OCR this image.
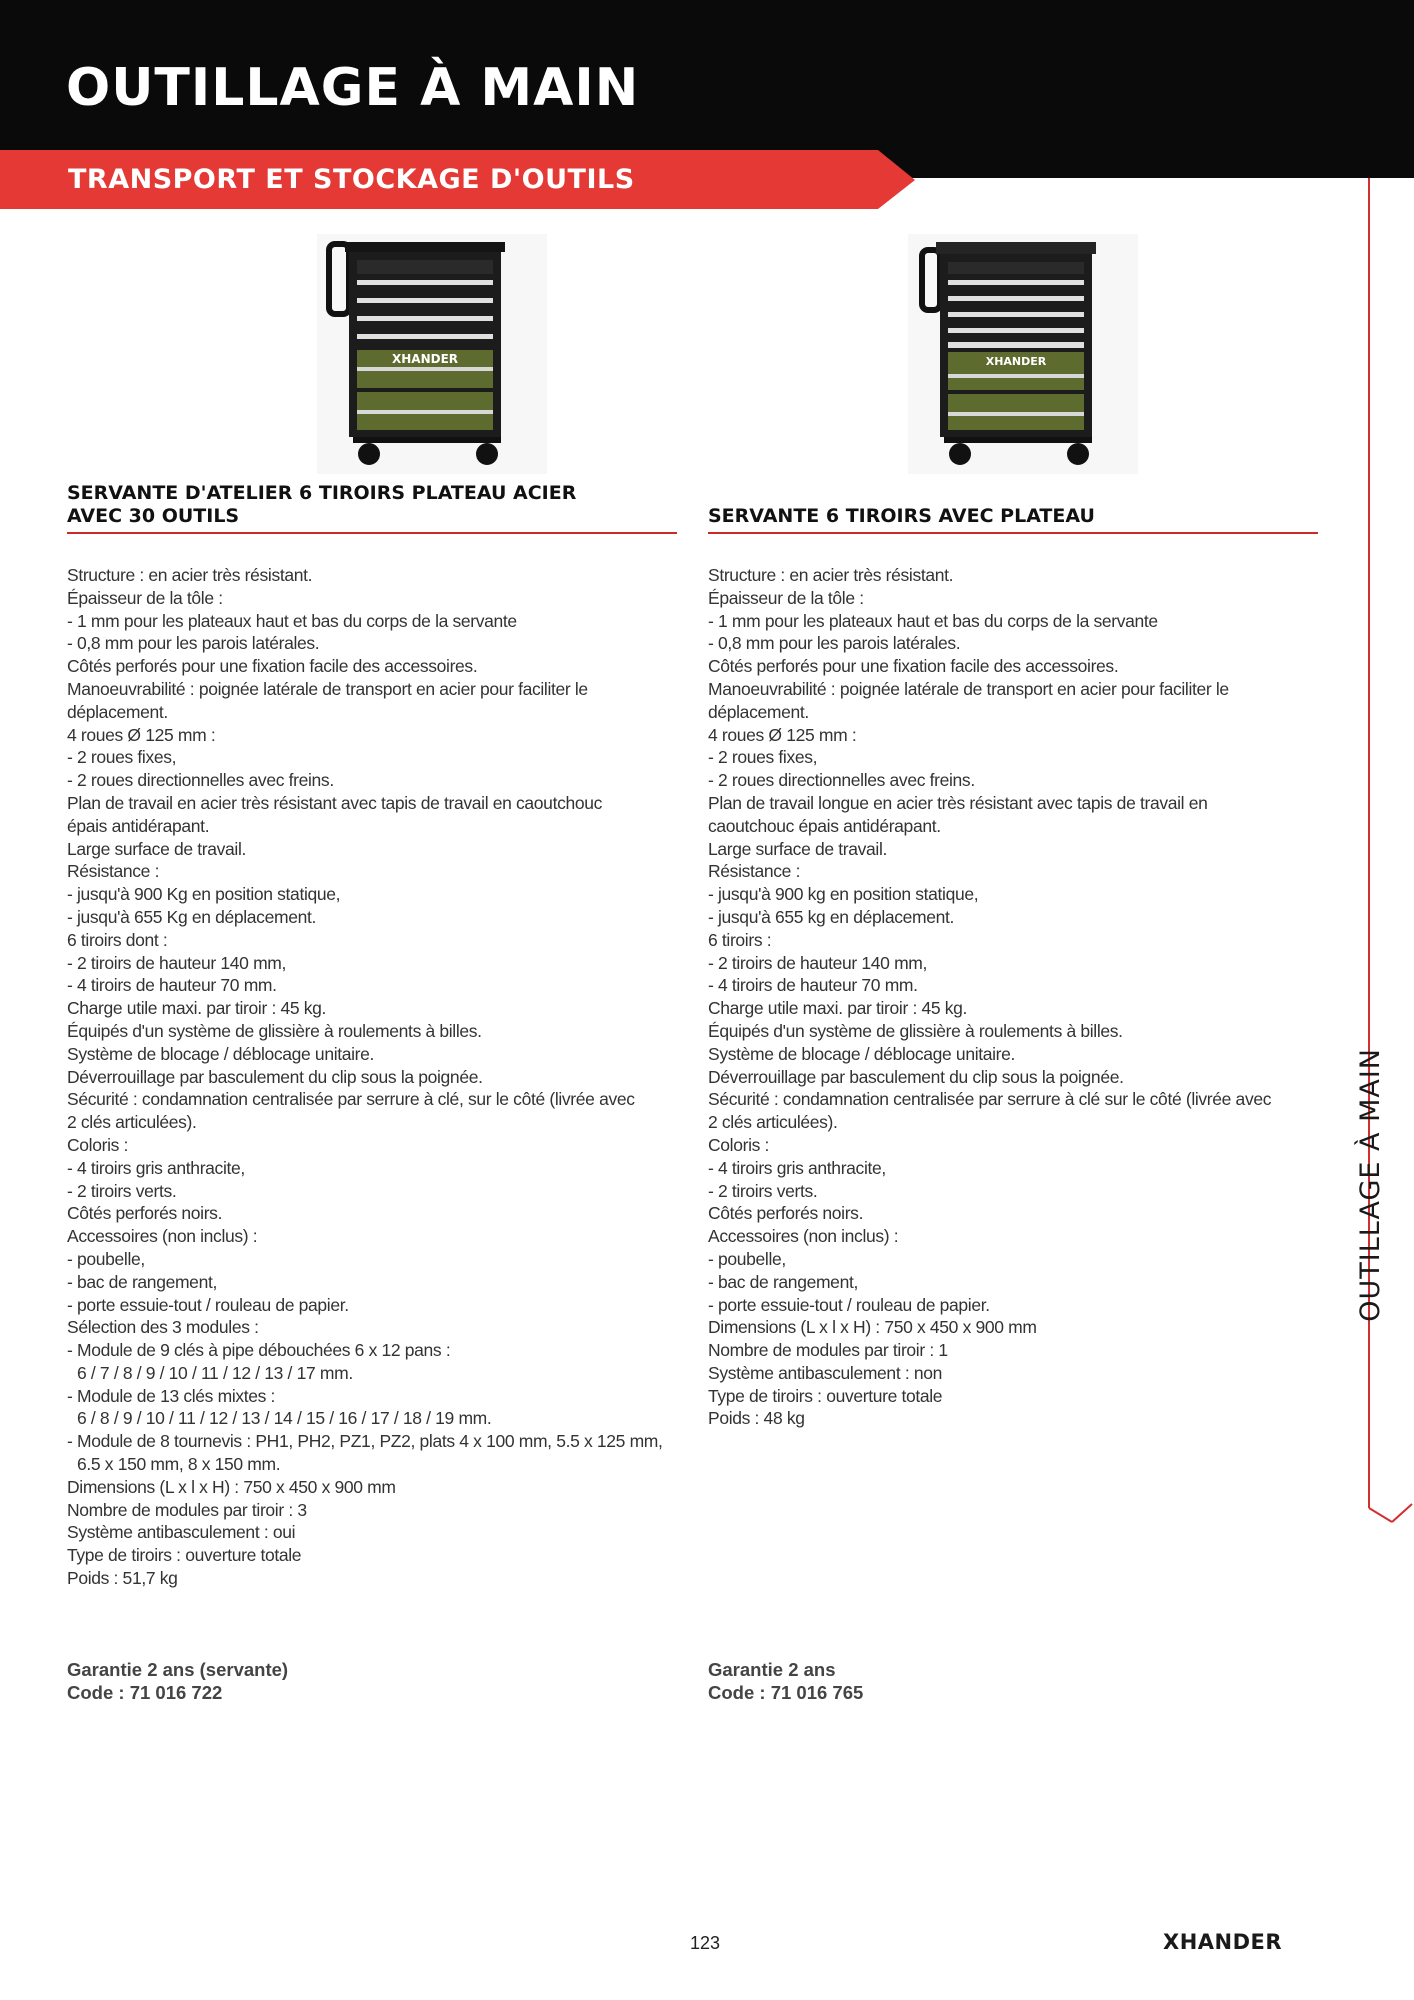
OUTILLAGE À MAIN
TRANSPORT ET STOCKAGE D'OUTILS
OUTILLAGE À MAIN
XHANDER
SERVANTE D'ATELIER 6 TIROIRS PLATEAU ACIER
AVEC 30 OUTILS
Structure : en acier très résistant.
Épaisseur de la tôle :
- 1 mm pour les plateaux haut et bas du corps de la servante
- 0,8 mm pour les parois latérales.
Côtés perforés pour une fixation facile des accessoires.
Manoeuvrabilité : poignée latérale de transport en acier pour faciliter le
déplacement.
4 roues Ø 125 mm :
- 2 roues fixes,
- 2 roues directionnelles avec freins.
Plan de travail en acier très résistant avec tapis de travail en caoutchouc
épais antidérapant.
Large surface de travail.
Résistance :
- jusqu'à 900 Kg en position statique,
- jusqu'à 655 Kg en déplacement.
6 tiroirs dont :
- 2 tiroirs de hauteur 140 mm,
- 4 tiroirs de hauteur 70 mm.
Charge utile maxi. par tiroir : 45 kg.
Équipés d'un système de glissière à roulements à billes.
Système de blocage / déblocage unitaire.
Déverrouillage par basculement du clip sous la poignée.
Sécurité : condamnation centralisée par serrure à clé, sur le côté (livrée avec
2 clés articulées).
Coloris :
- 4 tiroirs gris anthracite,
- 2 tiroirs verts.
Côtés perforés noirs.
Accessoires (non inclus) :
- poubelle,
- bac de rangement,
- porte essuie-tout / rouleau de papier.
Sélection des 3 modules :
- Module de 9 clés à pipe débouchées 6 x 12 pans :
6 / 7 / 8 / 9 / 10 / 11 / 12 / 13 / 17 mm.
- Module de 13 clés mixtes :
6 / 8 / 9 / 10 / 11 / 12 / 13 / 14 / 15 / 16 / 17 / 18 / 19 mm.
- Module de 8 tournevis : PH1, PH2, PZ1, PZ2, plats 4 x 100 mm, 5.5 x 125 mm,
6.5 x 150 mm, 8 x 150 mm.
Dimensions (L x l x H) : 750 x 450 x 900 mm
Nombre de modules par tiroir : 3
Système antibasculement : oui
Type de tiroirs : ouverture totale
Poids : 51,7 kg
Garantie 2 ans (servante)
Code : 71 016 722
XHANDER
SERVANTE 6 TIROIRS AVEC PLATEAU
Structure : en acier très résistant.
Épaisseur de la tôle :
- 1 mm pour les plateaux haut et bas du corps de la servante
- 0,8 mm pour les parois latérales.
Côtés perforés pour une fixation facile des accessoires.
Manoeuvrabilité : poignée latérale de transport en acier pour faciliter le
déplacement.
4 roues Ø 125 mm :
- 2 roues fixes,
- 2 roues directionnelles avec freins.
Plan de travail longue en acier très résistant avec tapis de travail en
caoutchouc épais antidérapant.
Large surface de travail.
Résistance :
- jusqu'à 900 kg en position statique,
- jusqu'à 655 kg en déplacement.
6 tiroirs :
- 2 tiroirs de hauteur 140 mm,
- 4 tiroirs de hauteur 70 mm.
Charge utile maxi. par tiroir : 45 kg.
Équipés d'un système de glissière à roulements à billes.
Système de blocage / déblocage unitaire.
Déverrouillage par basculement du clip sous la poignée.
Sécurité : condamnation centralisée par serrure à clé sur le côté (livrée avec
2 clés articulées).
Coloris :
- 4 tiroirs gris anthracite,
- 2 tiroirs verts.
Côtés perforés noirs.
Accessoires (non inclus) :
- poubelle,
- bac de rangement,
- porte essuie-tout / rouleau de papier.
Dimensions (L x l x H) : 750 x 450 x 900 mm
Nombre de modules par tiroir : 1
Système antibasculement : non
Type de tiroirs : ouverture totale
Poids : 48 kg
Garantie 2 ans
Code : 71 016 765
123	XHANDER
